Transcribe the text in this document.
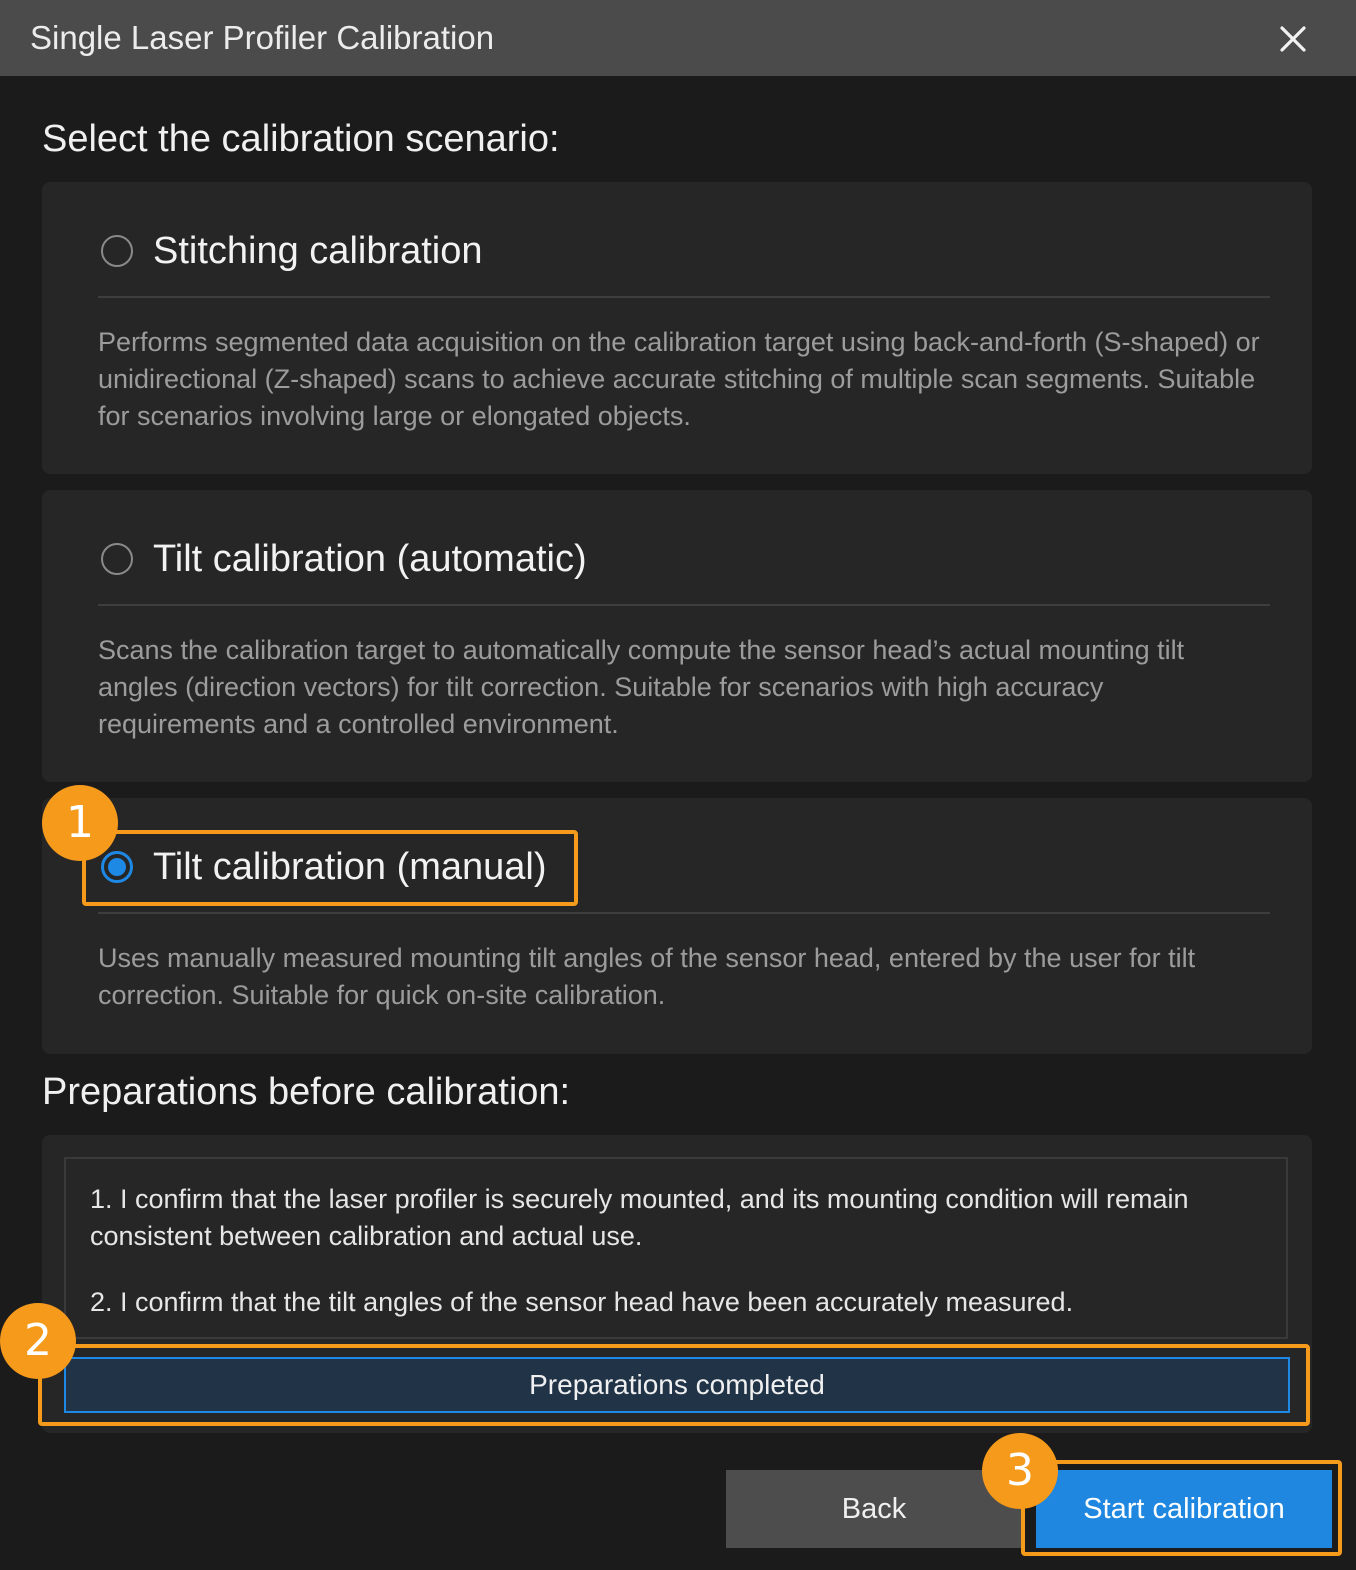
Single Laser Profiler Calibration
Select the calibration scenario:
Stitching calibration
Performs segmented data acquisition on the calibration target using back-and-forth (S-shaped) or unidirectional (Z-shaped) scans to achieve accurate stitching of multiple scan segments. Suitable for scenarios involving large or elongated objects.
Tilt calibration (automatic)
Scans the calibration target to automatically compute the sensor head’s actual mounting tilt angles (direction vectors) for tilt correction. Suitable for scenarios with high accuracy requirements and a controlled environment.
Tilt calibration (manual)
Uses manually measured mounting tilt angles of the sensor head, entered by the user for tilt correction. Suitable for quick on-site calibration.
Preparations before calibration:
1. I confirm that the laser profiler is securely mounted, and its mounting condition will remain consistent between calibration and actual use.
2. I confirm that the tilt angles of the sensor head have been accurately measured.
Preparations completed
Back	Start calibration
1
2
3
